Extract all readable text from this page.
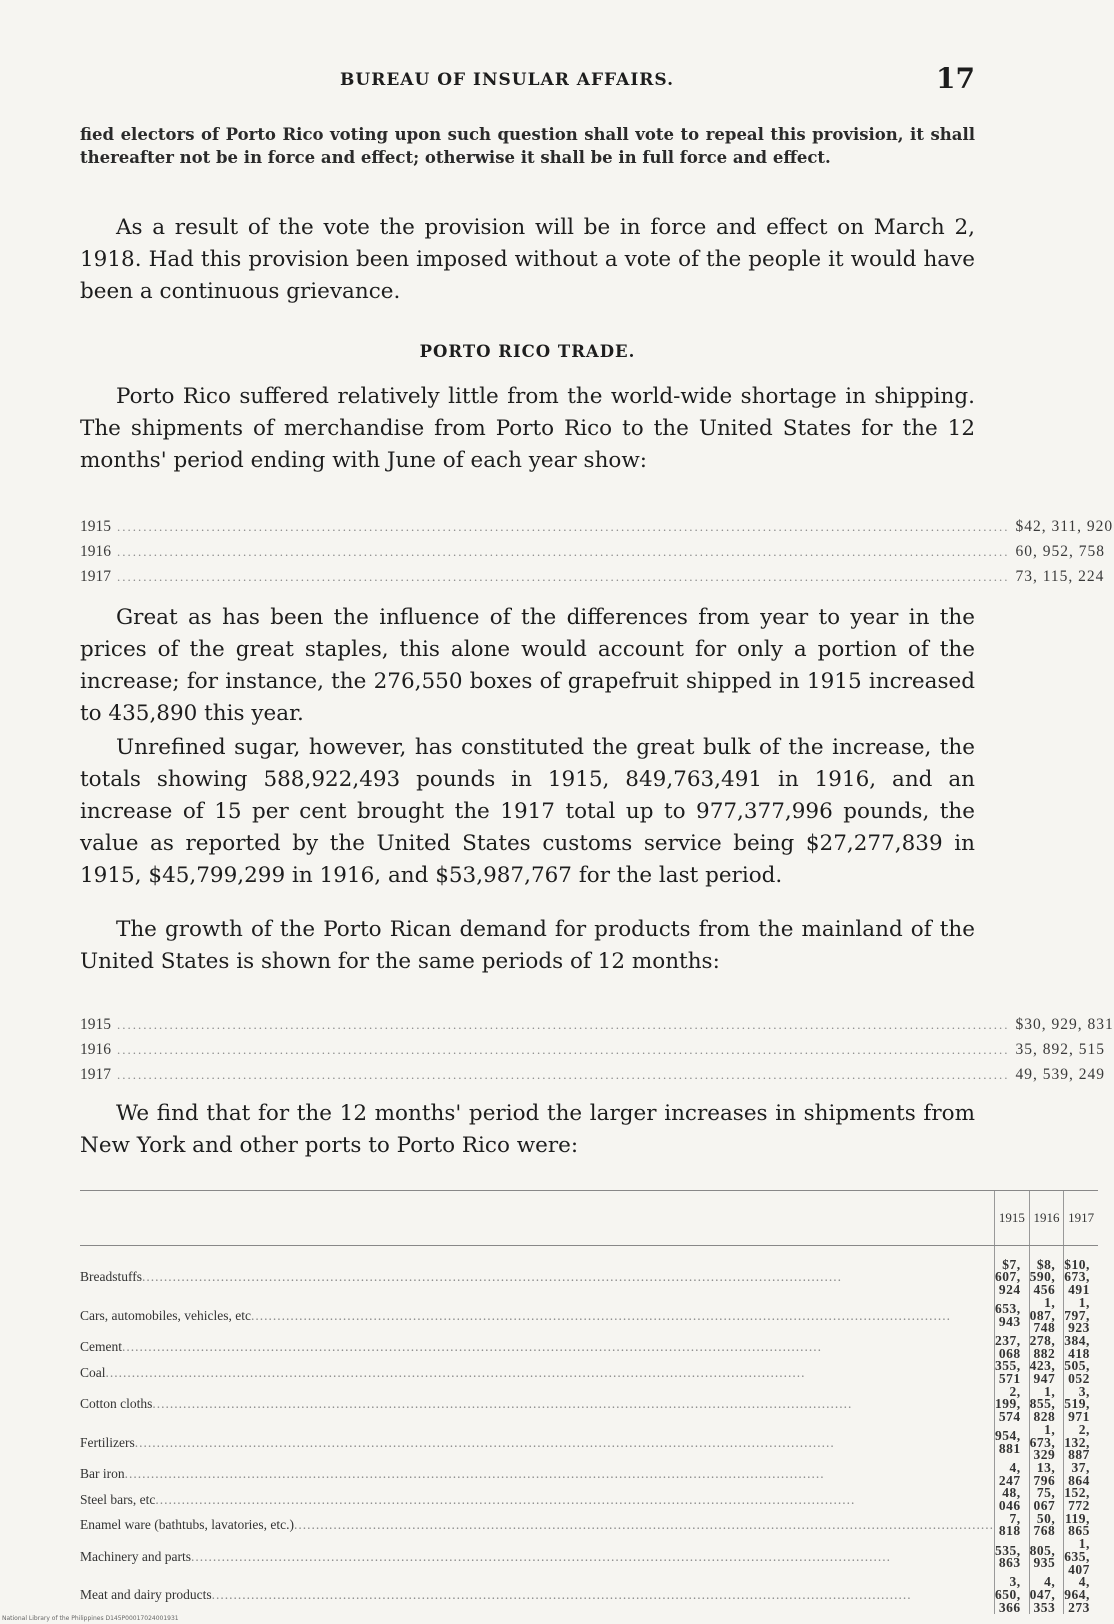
BUREAU OF INSULAR AFFAIRS.	17
fied electors of Porto Rico voting upon such question shall vote to repeal this provision, it shall thereafter not be in force and effect; otherwise it shall be in full force and effect.
As a result of the vote the provision will be in force and effect on March 2, 1918. Had this provision been imposed without a vote of the people it would have been a continuous grievance.
PORTO RICO TRADE.
Porto Rico suffered relatively little from the world-wide shortage in shipping. The shipments of merchandise from Porto Rico to the United States for the 12 months' period ending with June of each year show:
1915 .......................................................................................................................................................................... $42, 311, 920
1916 .......................................................................................................................................................................... 60, 952, 758
1917 .......................................................................................................................................................................... 73, 115, 224
Great as has been the influence of the differences from year to year in the prices of the great staples, this alone would account for only a portion of the increase; for instance, the 276,550 boxes of grapefruit shipped in 1915 increased to 435,890 this year.
Unrefined sugar, however, has constituted the great bulk of the increase, the totals showing 588,922,493 pounds in 1915, 849,763,491 in 1916, and an increase of 15 per cent brought the 1917 total up to 977,377,996 pounds, the value as reported by the United States customs service being $27,277,839 in 1915, $45,799,299 in 1916, and $53,987,767 for the last period.
The growth of the Porto Rican demand for products from the mainland of the United States is shown for the same periods of 12 months:
1915 .......................................................................................................................................................................... $30, 929, 831
1916 .......................................................................................................................................................................... 35, 892, 515
1917 .......................................................................................................................................................................... 49, 539, 249
We find that for the 12 months' period the larger increases in shipments from New York and other ports to Porto Rico were:
	1915	1916	1917

Breadstuffs................................................................................................................................................................	$7, 607, 924	$8, 590, 456	$10, 673, 491
Cars, automobiles, vehicles, etc................................................................................................................................................................	653, 943	1, 087, 748	1, 797, 923
Cement................................................................................................................................................................	237, 068	278, 882	384, 418
Coal................................................................................................................................................................	355, 571	423, 947	505, 052
Cotton cloths................................................................................................................................................................	2, 199, 574	1, 855, 828	3, 519, 971
Fertilizers................................................................................................................................................................	954, 881	1, 673, 329	2, 132, 887
Bar iron................................................................................................................................................................	4, 247	13, 796	37, 864
Steel bars, etc................................................................................................................................................................	48, 046	75, 067	152, 772
Enamel ware (bathtubs, lavatories, etc.)................................................................................................................................................................	7, 818	50, 768	119, 865
Machinery and parts................................................................................................................................................................	535, 863	805, 935	1, 635, 407
Meat and dairy products................................................................................................................................................................	3, 650, 366	4, 047, 353	4, 964, 273
National Library of the Philippines D145P00017024001931
